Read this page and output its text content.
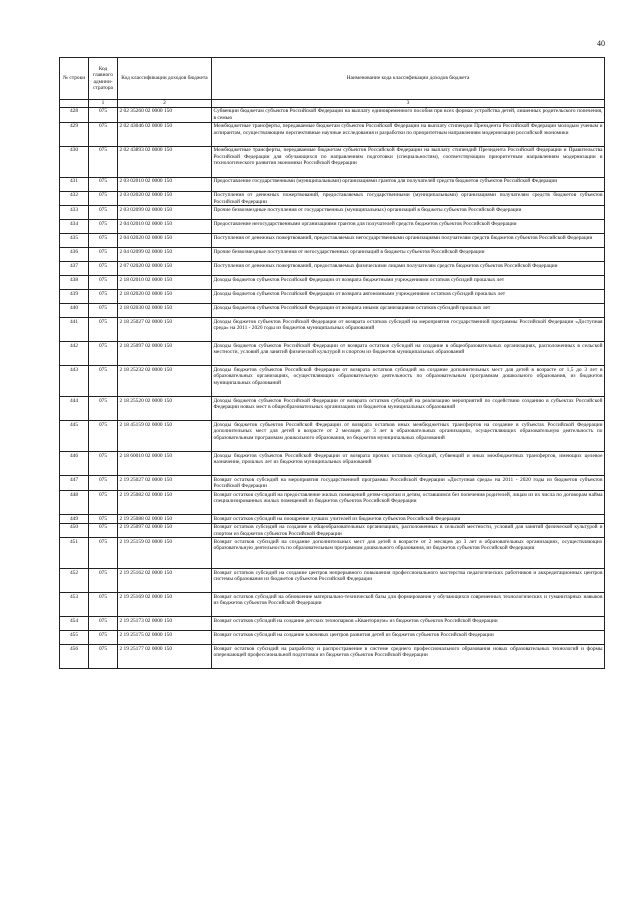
40
№ строки	Код главного админи-стратора	Код классификации доходов бюджета	Наименование кода классификации доходов бюджета
	1	2	3
428	075	2 02 35260 02 0000 150	Субвенции бюджетам субъектов Российской Федерации на выплату единовременного пособия при всех формах устройства детей, лишенных родительского попечения, в семью
429	075	2 02 43046 02 0000 150	Межбюджетные трансферты, передаваемые бюджетам субъектов Российской Федерации на выплату стипендии Президента Российской Федерации молодым ученым и аспирантам, осуществляющим перспективные научные исследования и разработки по приоритетным направлениям модернизации российской экономики
430	075	2 02 43893 02 0000 150	Межбюджетные трансферты, передаваемые бюджетам субъектов Российской Федерации на выплату стипендий Президента Российской Федерации и Правительства Российской Федерации для обучающихся по направлениям подготовки (специальностям), соответствующим приоритетным направлениям модернизации и технологического развития экономики Российской Федерации
431	075	2 03 02010 02 0000 150	Предоставление государственными (муниципальными) организациями грантов для получателей средств бюджетов субъектов Российской Федерации
432	075	2 03 02020 02 0000 150	Поступления от денежных пожертвований, предоставляемых государственными (муниципальными) организациями получателям средств бюджетов субъектов Российской Федерации
433	075	2 03 02099 02 0000 150	Прочие безвозмездные поступления от государственных (муниципальных) организаций в бюджеты субъектов Российской Федерации
434	075	2 04 02010 02 0000 150	Предоставление негосударственными организациями грантов для получателей средств бюджетов субъектов Российской Федерации
435	075	2 04 02020 02 0000 150	Поступления от денежных пожертвований, предоставляемых негосударственными организациями получателям средств бюджетов субъектов Российской Федерации
436	075	2 04 02099 02 0000 150	Прочие безвозмездные поступления от негосударственных организаций в бюджеты субъектов Российской Федерации
437	075	2 07 02020 02 0000 150	Поступления от денежных пожертвований, предоставляемых физическими лицами получателям средств бюджетов субъектов Российской Федерации
438	075	2 18 02010 02 0000 150	Доходы бюджетов субъектов Российской Федерации от возврата бюджетными учреждениями остатков субсидий прошлых лет
439	075	2 18 02020 02 0000 150	Доходы бюджетов субъектов Российской Федерации от возврата автономными учреждениями остатков субсидий прошлых лет
440	075	2 18 02030 02 0000 150	Доходы бюджетов субъектов Российской Федерации от возврата иными организациями остатков субсидий прошлых лет
441	075	2 18 25027 02 0000 150	Доходы бюджетов субъектов Российской Федерации от возврата остатков субсидий на мероприятия государственной программы Российской Федерации «Доступная среда» на 2011 - 2020 годы из бюджетов муниципальных образований
442	075	2 18 25097 02 0000 150	Доходы бюджетов субъектов Российской Федерации от возврата остатков субсидий на создание в общеобразовательных организациях, расположенных в сельской местности, условий для занятий физической культурой и спортом из бюджетов муниципальных образований
443	075	2 18 25232 02 0000 150	Доходы бюджетов субъектов Российской Федерации от возврата остатков субсидий на создание дополнительных мест для детей в возрасте от 1,5 до 3 лет в образовательных организациях, осуществляющих образовательную деятельность по образовательным программам дошкольного образования, из бюджетов муниципальных образований
444	075	2 18 25520 02 0000 150	Доходы бюджетов субъектов Российской Федерации от возврата остатков субсидий на реализацию мероприятий по содействию созданию в субъектах Российской Федерации новых мест в общеобразовательных организациях из бюджетов муниципальных образований
445	075	2 18 45159 02 0000 150	Доходы бюджетов субъектов Российской Федерации от возврата остатков иных межбюджетных трансфертов на создание в субъектах Российской Федерации дополнительных мест для детей в возрасте от 2 месяцев до 3 лет в образовательных организациях, осуществляющих образовательную деятельность по образовательным программам дошкольного образования, из бюджетов муниципальных образований
446	075	2 18 60010 02 0000 150	Доходы бюджетов субъектов Российской Федерации от возврата прочих остатков субсидий, субвенций и иных межбюджетных трансфертов, имеющих целевое назначение, прошлых лет из бюджетов муниципальных образований
447	075	2 19 25027 02 0000 150	Возврат остатков субсидий на мероприятия государственной программы Российской Федерации «Доступная среда» на 2011 - 2020 годы из бюджетов субъектов Российской Федерации
448	075	2 19 25082 02 0000 150	Возврат остатков субсидий на предоставление жилых помещений детям-сиротам и детям, оставшимся без попечения родителей, лицам из их числа по договорам найма специализированных жилых помещений из бюджетов субъектов Российской Федерации
449	075	2 19 25088 02 0000 150	Возврат остатков субсидий на поощрение лучших учителей из бюджетов субъектов Российской Федерации
450	075	2 19 25097 02 0000 150	Возврат остатков субсидий на создание в общеобразовательных организациях, расположенных в сельской местности, условий для занятий физической культурой и спортом из бюджетов субъектов Российской Федерации
451	075	2 19 25159 02 0000 150	Возврат остатков субсидий на создание дополнительных мест для детей в возрасте от 2 месяцев до 3 лет в образовательных организациях, осуществляющих образовательную деятельность по образовательным программам дошкольного образования, из бюджетов субъектов Российской Федерации
452	075	2 19 25162 02 0000 150	Возврат остатков субсидий на создание центров непрерывного повышения профессионального мастерства педагогических работников и аккредитационных центров системы образования из бюджетов субъектов Российской Федерации
453	075	2 19 25169 02 0000 150	Возврат остатков субсидий на обновление материально-технической базы для формирования у обучающихся современных технологических и гуманитарных навыков из бюджетов субъектов Российской Федерации
454	075	2 19 25173 02 0000 150	Возврат остатков субсидий на создание детских технопарков «Кванториум» из бюджетов субъектов Российской Федерации
455	075	2 19 25175 02 0000 150	Возврат остатков субсидий на создание ключевых центров развития детей из бюджетов субъектов Российской Федерации
456	075	2 19 25177 02 0000 150	Возврат остатков субсидий на разработку и распространение в системе среднего профессионального образования новых образовательных технологий и формы опережающей профессиональной подготовки из бюджетов субъектов Российской Федерации
